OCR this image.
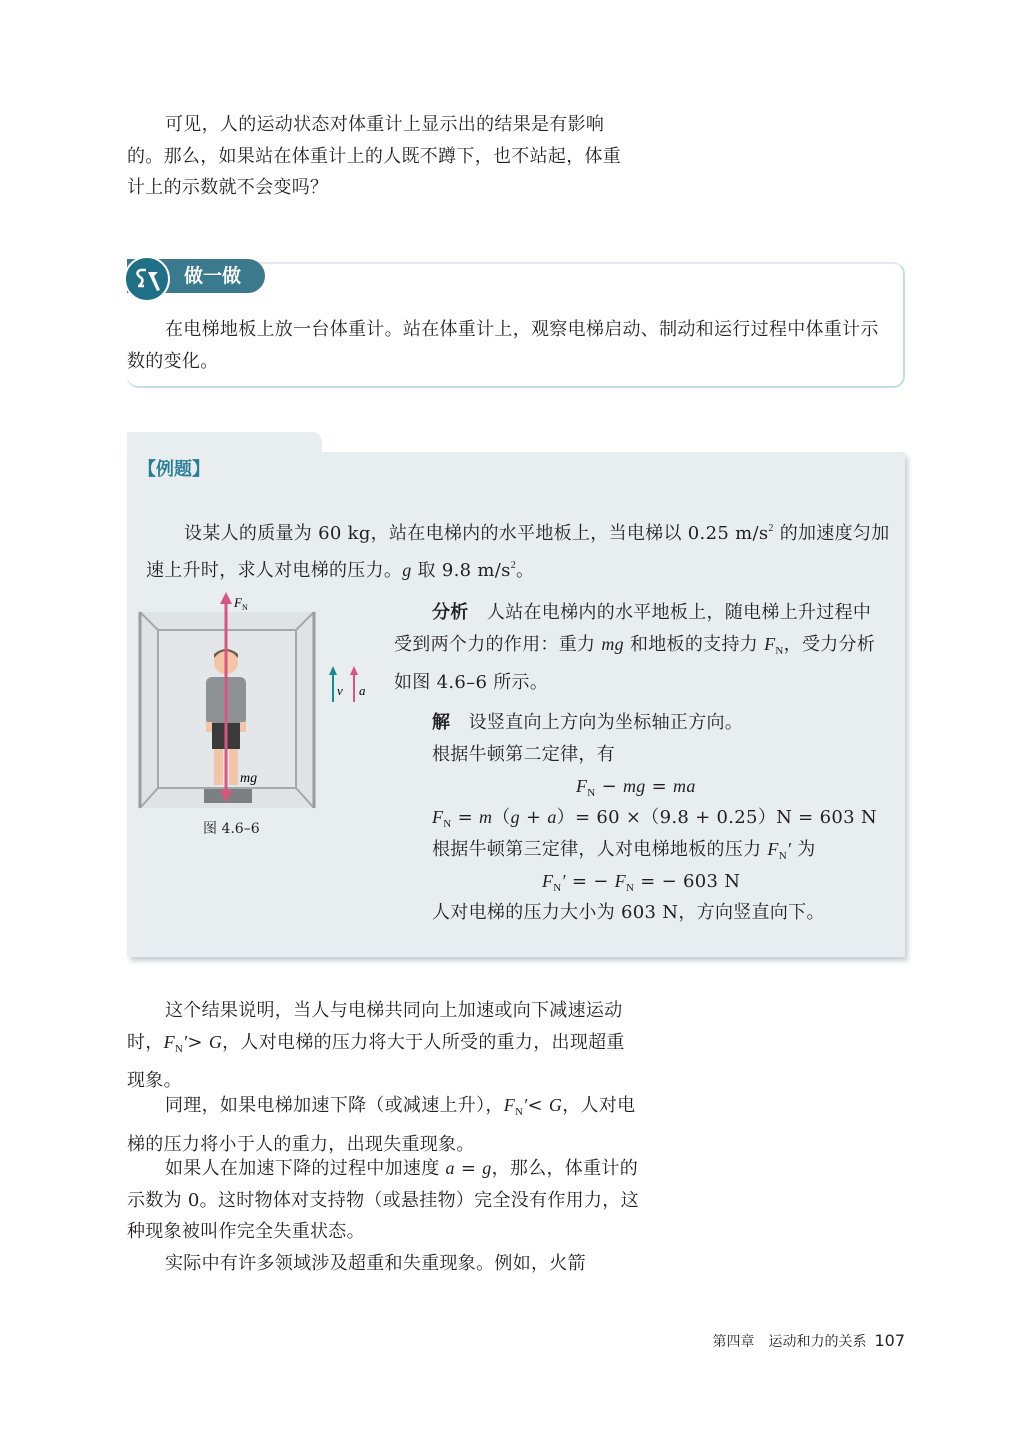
可见，人的运动状态对体重计上显示出的结果是有影响的。那么，如果站在体重计上的人既不蹲下，也不站起，体重计上的示数就不会变吗？
做一做
在电梯地板上放一台体重计。站在体重计上，观察电梯启动、制动和运行过程中体重计示数的变化。
【例题】
设某人的质量为 60 kg，站在电梯内的水平地板上，当电梯以 0.25 $m/s^2$ 的加速度匀加速上升时，求人对电梯的压力。g 取 9.8 $m/s^2$。
F N
mg
v a
图 4.6–6
分析　人站在电梯内的水平地板上，随电梯上升过程中受到两个力的作用：重力 mg 和地板的支持力 $F_N$，受力分析如图 4.6–6 所示。
解　设竖直向上方向为坐标轴正方向。
根据牛顿第二定律，有
$F_N$ − mg = ma
$F_N = m(g + a)= 60 \times(9.8 + 0.25)N = 603$ N
根据牛顿第三定律，人对电梯地板的压力 $F_N'$ 为
$F_N'$ = − $F_N$ = − 603 N
人对电梯的压力大小为 603 N，方向竖直向下。
这个结果说明，当人与电梯共同向上加速或向下减速运动时，$F_N'> G$，人对电梯的压力将大于人所受的重力，出现超重现象。
同理，如果电梯加速下降（或减速上升），$F_N'< G$，人对电梯的压力将小于人的重力，出现失重现象。
如果人在加速下降的过程中加速度 a = g，那么，体重计的示数为 0。这时物体对支持物（或悬挂物）完全没有作用力，这种现象被叫作完全失重状态。
实际中有许多领域涉及超重和失重现象。例如，火箭
第四章　运动和力的关系 107
